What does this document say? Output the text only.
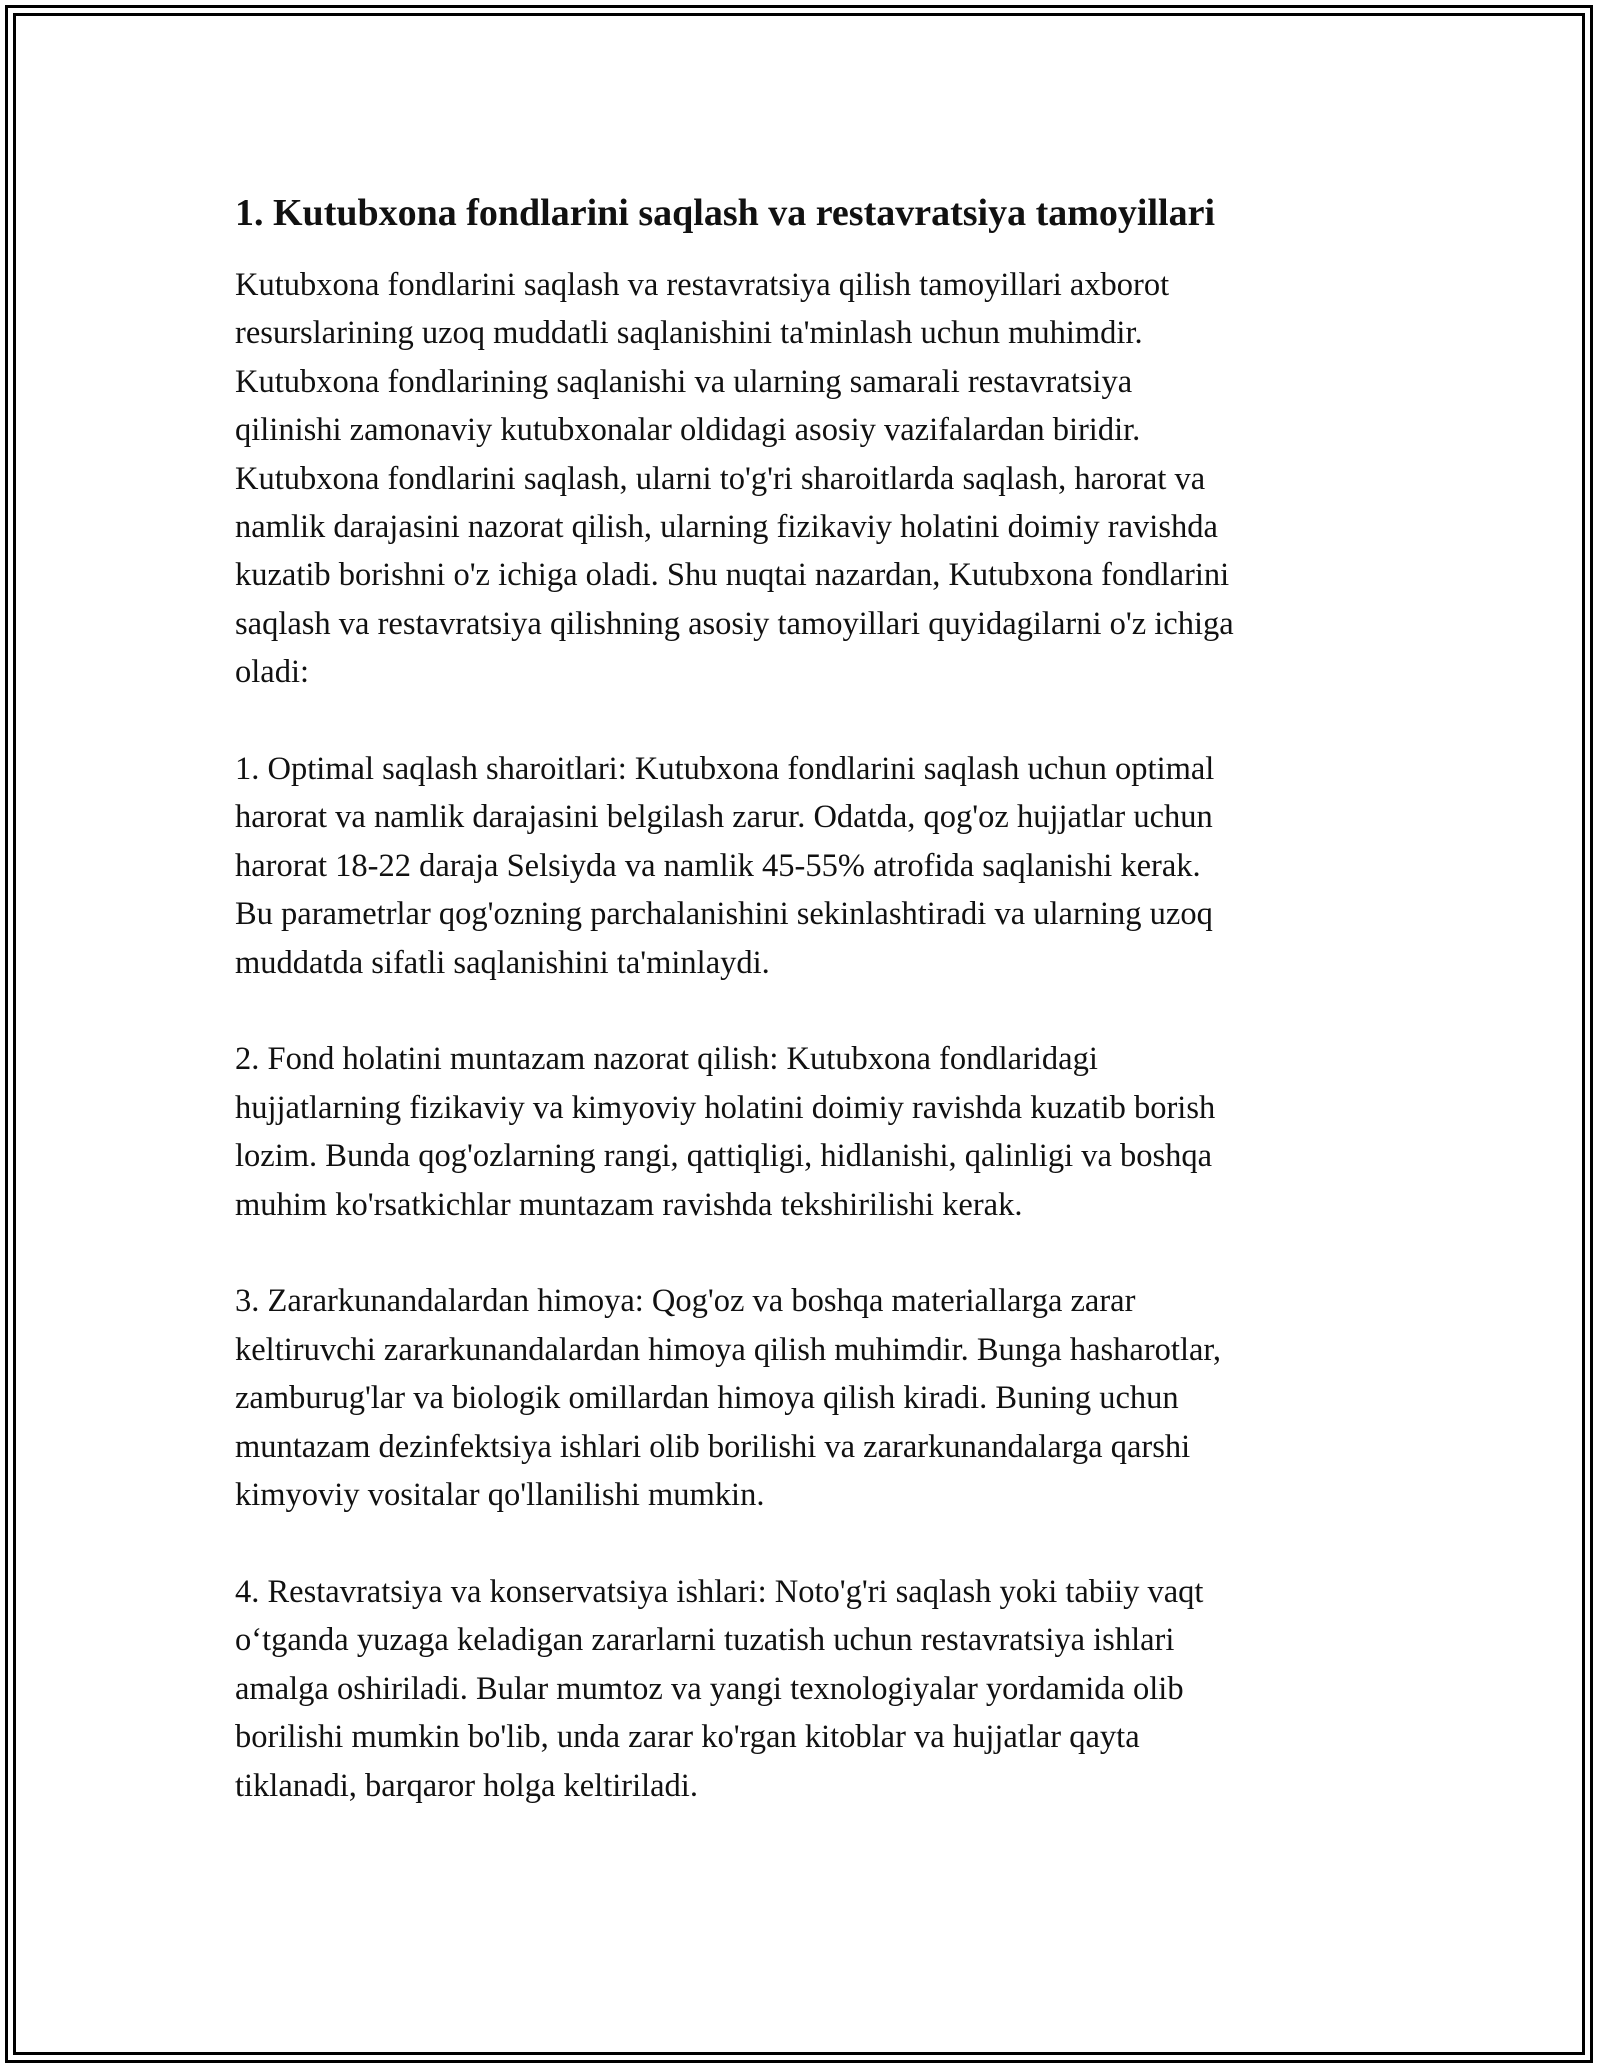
1. Kutubxona fondlarini saqlash va restavratsiya tamoyillari

Kutubxona fondlarini saqlash va restavratsiya qilish tamoyillari axborot
resurslarining uzoq muddatli saqlanishini ta'minlash uchun muhimdir.
Kutubxona fondlarining saqlanishi va ularning samarali restavratsiya
qilinishi zamonaviy kutubxonalar oldidagi asosiy vazifalardan biridir.
Kutubxona fondlarini saqlash, ularni to'g'ri sharoitlarda saqlash, harorat va
namlik darajasini nazorat qilish, ularning fizikaviy holatini doimiy ravishda
kuzatib borishni o'z ichiga oladi. Shu nuqtai nazardan, Kutubxona fondlarini
saqlash va restavratsiya qilishning asosiy tamoyillari quyidagilarni o'z ichiga
oladi:

1. Optimal saqlash sharoitlari: Kutubxona fondlarini saqlash uchun optimal
harorat va namlik darajasini belgilash zarur. Odatda, qog'oz hujjatlar uchun
harorat 18-22 daraja Selsiyda va namlik 45-55% atrofida saqlanishi kerak.
Bu parametrlar qog'ozning parchalanishini sekinlashtiradi va ularning uzoq
muddatda sifatli saqlanishini ta'minlaydi.

2. Fond holatini muntazam nazorat qilish: Kutubxona fondlaridagi
hujjatlarning fizikaviy va kimyoviy holatini doimiy ravishda kuzatib borish
lozim. Bunda qog'ozlarning rangi, qattiqligi, hidlanishi, qalinligi va boshqa
muhim ko'rsatkichlar muntazam ravishda tekshirilishi kerak.

3. Zararkunandalardan himoya: Qog'oz va boshqa materiallarga zarar
keltiruvchi zararkunandalardan himoya qilish muhimdir. Bunga hasharotlar,
zamburug'lar va biologik omillardan himoya qilish kiradi. Buning uchun
muntazam dezinfektsiya ishlari olib borilishi va zararkunandalarga qarshi
kimyoviy vositalar qo'llanilishi mumkin.

4. Restavratsiya va konservatsiya ishlari: Noto'g'ri saqlash yoki tabiiy vaqt
o‘tganda yuzaga keladigan zararlarni tuzatish uchun restavratsiya ishlari
amalga oshiriladi. Bular mumtoz va yangi texnologiyalar yordamida olib
borilishi mumkin bo'lib, unda zarar ko'rgan kitoblar va hujjatlar qayta
tiklanadi, barqaror holga keltiriladi.
